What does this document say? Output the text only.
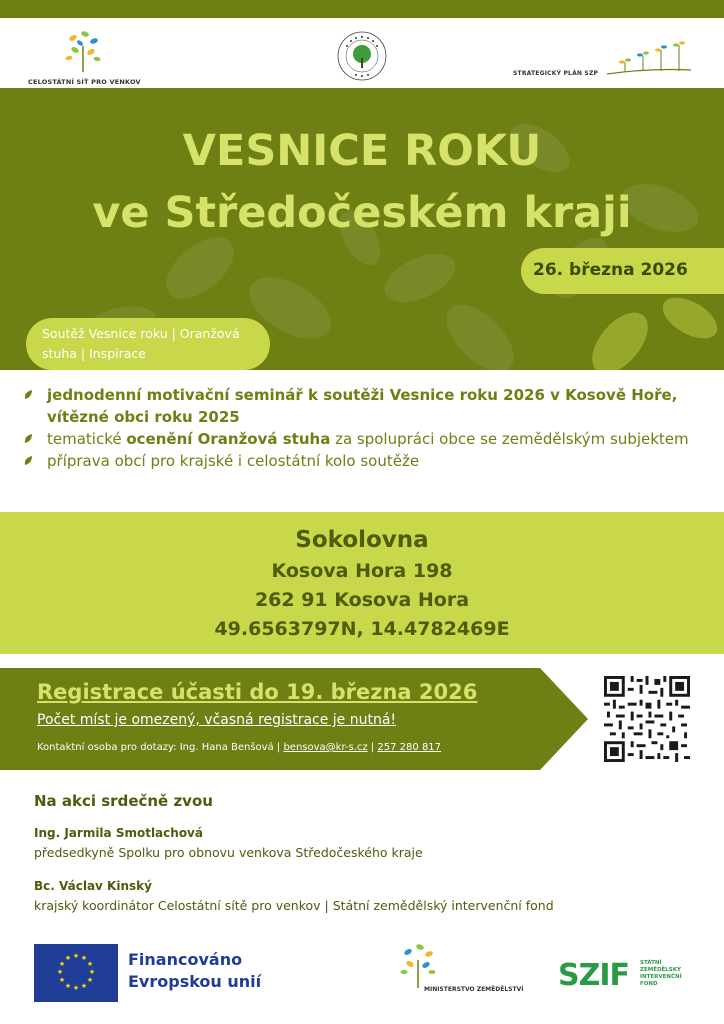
CELOSTÁTNÍ SÍŤ PRO VENKOV
STRATEGICKÝ PLÁN SZP
VESNICE ROKU
ve Středočeském kraji
26. března 2026
Soutěž Vesnice roku | Oranžová stuha | Inspirace
jednodenní motivační seminář k soutěži Vesnice roku 2026 v Kosově Hoře, vítězné obci roku 2025
tematické ocenění Oranžová stuha za spolupráci obce se zemědělským subjektem
příprava obcí pro krajské i celostátní kolo soutěže
Sokolovna
Kosova Hora 198
262 91 Kosova Hora
49.6563797N, 14.4782469E
Registrace účasti do 19. března 2026
Počet míst je omezený, včasná registrace je nutná!
Kontaktní osoba pro dotazy: Ing. Hana Benšová | bensova@kr-s.cz | 257 280 817
Na akci srdečně zvou
Ing. Jarmila Smotlachová
předsedkyně Spolku pro obnovu venkova Středočeského kraje
Bc. Václav Kinský
krajský koordinátor Celostátní sítě pro venkov | Státní zemědělský intervenční fond
★ ★
★
★
★
★
★
★
★
★
★
★	Financováno
Evropskou unií	MINISTERSTVO ZEMĚDĚLSTVÍ SZIF STÁTNÍ
ZEMĚDĚLSKÝ
INTERVENČNÍ
FOND
